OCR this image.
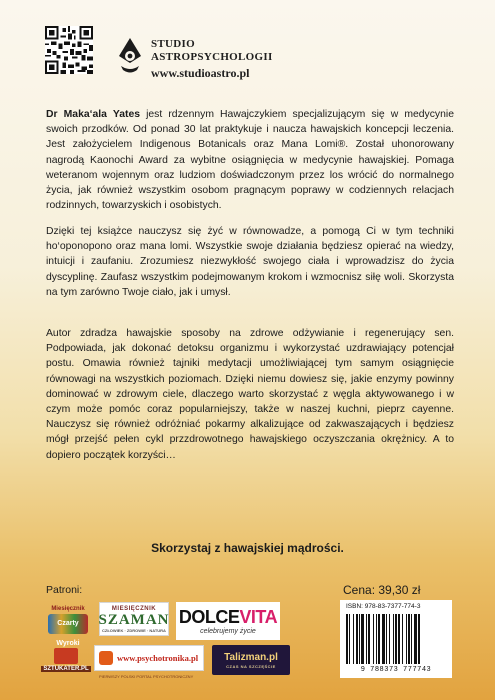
STUDIO
ASTROPSYCHOLOGII
www.studioastro.pl

Dr Maka‘ala Yates jest rdzennym Hawajczykiem specjalizującym się w medycynie swoich przodków. Od ponad 30 lat praktykuje i naucza hawajskich koncepcji leczenia. Jest założycielem Indigenous Botanicals oraz Mana Lomi®. Został uhonorowany nagrodą Kaonochi Award za wybitne osiągnięcia w medycynie hawajskiej. Pomaga weteranom wojennym oraz ludziom doświadczonym przez los wrócić do normalnego życia, jak również wszystkim osobom pragnącym poprawy w codziennych relacjach rodzinnych, towarzyskich i osobistych.

Dzięki tej książce nauczysz się żyć w równowadze, a pomogą Ci w tym techniki ho‘oponopono oraz mana lomi. Wszystkie swoje działania będziesz opierać na wiedzy, intuicji i zaufaniu. Zrozumiesz niezwykłość swojego ciała i wprowadzisz do życia dyscyplinę. Zaufasz wszystkim podejmowanym krokom i wzmocnisz siłę woli. Skorzysta na tym zarówno Twoje ciało, jak i umysł.

Autor zdradza hawajskie sposoby na zdrowe odżywianie i regenerujący sen. Podpowiada, jak dokonać detoksu organizmu i wykorzystać uzdrawiający potencjał postu. Omawia również tajniki medytacji umożliwiającej tym samym osiągnięcie równowagi na wszystkich poziomach. Dzięki niemu dowiesz się, jakie enzymy powinny dominować w zdrowym ciele, dlaczego warto skorzystać z węgla aktywowanego i w czym może pomóc coraz popularniejszy, także w naszej kuchni, pieprz cayenne. Nauczysz się również odróżniać pokarmy alkalizujące od zakwaszających i będziesz mógł przejść pełen cykl przzdrowotnego hawajskiego oczyszczania okrężnicy. A to dopiero początek korzyści…

Skorzystaj z hawajskiej mądrości.

Patroni:	Cena: 39,30 zł
Miesięcznik
Czarty Wyroki
MIESIĘCZNIK
SZAMAN
CZŁOWIEK · ZDROWIE · NATURA
DOLCEVITA
celebrujemy życie
SZTUKATER.PL
www.psychotronika.pl
PIERWSZY POLSKI PORTAL PSYCHOTRONICZNY
Talizman.pl
CZAS NA SZCZĘŚCIE
ISBN: 978-83-7377-774-3
9 788373 777743
